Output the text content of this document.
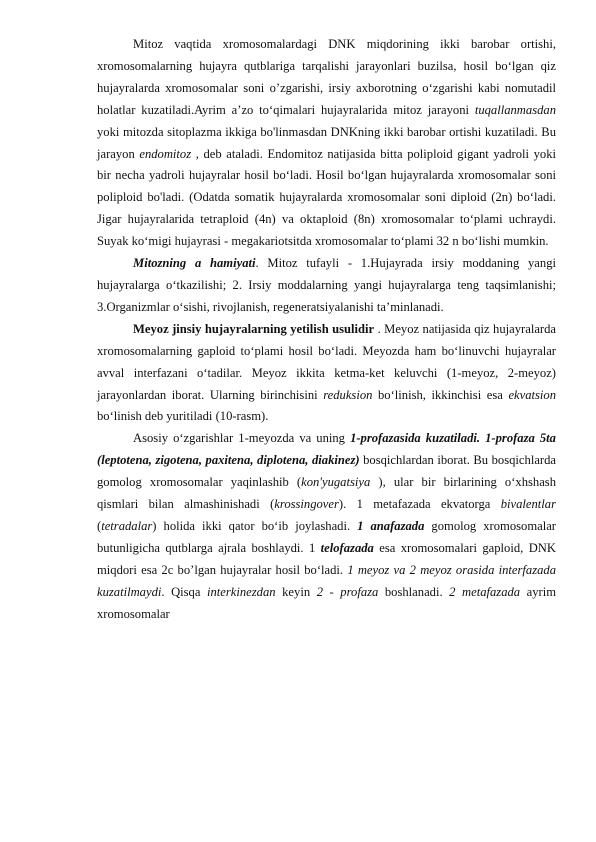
Mitoz vaqtida xromosomalardagi DNK miqdorining ikki barobar ortishi, xromosomalarning hujayra qutblariga tarqalishi jarayonlari buzilsa, hosil bo‘lgan qiz hujayralarda xromosomalar soni o’zgarishi, irsiy axborotning o‘zgarishi kabi nomutadil holatlar kuzatiladi.Ayrim a’zo to‘qimalari hujayralarida mitoz jarayoni tuqallanmasdan yoki mitozda sitoplazma ikkiga bo'linmasdan DNKning ikki barobar ortishi kuzatiladi. Bu jarayon endomitoz , deb ataladi. Endomitoz natijasida bitta poliploid gigant yadroli yoki bir necha yadroli hujayralar hosil bo‘ladi. Hosil bo‘lgan hujayralarda xromosomalar soni poliploid bo'ladi. (Odatda somatik hujayralarda xromosomalar soni diploid (2n) bo‘ladi. Jigar hujayralarida tetraploid (4n) va oktaploid (8n) xromosomalar to‘plami uchraydi. Suyak ko‘migi hujayrasi - megakariotsitda xromosomalar to‘plami 32 n bo‘lishi mumkin.

Mitozning a hamiyati. Mitoz tufayli - 1.Hujayrada irsiy moddaning yangi hujayralarga o‘tkazilishi; 2. Irsiy moddalarning yangi hujayralarga teng taqsimlanishi; 3.Organizmlar o‘sishi, rivojlanish, regeneratsiyalanishi ta’minlanadi.

Meyoz jinsiy hujayralarning yetilish usulidir . Meyoz natijasida qiz hujayralarda xromosomalarning gaploid to‘plami hosil bo‘ladi. Meyozda ham bo‘linuvchi hujayralar avval interfazani o‘tadilar. Meyoz ikkita ketma-ket keluvchi (1-meyoz, 2-meyoz) jarayonlardan iborat. Ularning birinchisini reduksion bo‘linish, ikkinchisi esa ekvatsion bo‘linish deb yuritiladi (10-rasm).

Asosiy o‘zgarishlar 1-meyozda va uning 1-profazasida kuzatiladi. 1-profaza 5ta (leptotena, zigotena, paxitena, diplotena, diakinez) bosqichlardan iborat. Bu bosqichlarda gomolog xromosomalar yaqinlashib (kon'yugatsiya ), ular bir birlarining o‘xhshash qismlari bilan almashinishadi (krossingover). 1 metafazada ekvatorga bivalentlar (tetradalar) holida ikki qator bo‘ib joylashadi. 1 anafazada gomolog xromosomalar butunligicha qutblarga ajrala boshlaydi. 1 telofazada esa xromosomalari gaploid, DNK miqdori esa 2c bo’lgan hujayralar hosil bo‘ladi. 1 meyoz va 2 meyoz orasida interfazada kuzatilmaydi. Qisqa interkinezdan keyin 2 - profaza boshlanadi. 2 metafazada ayrim xromosomalar
